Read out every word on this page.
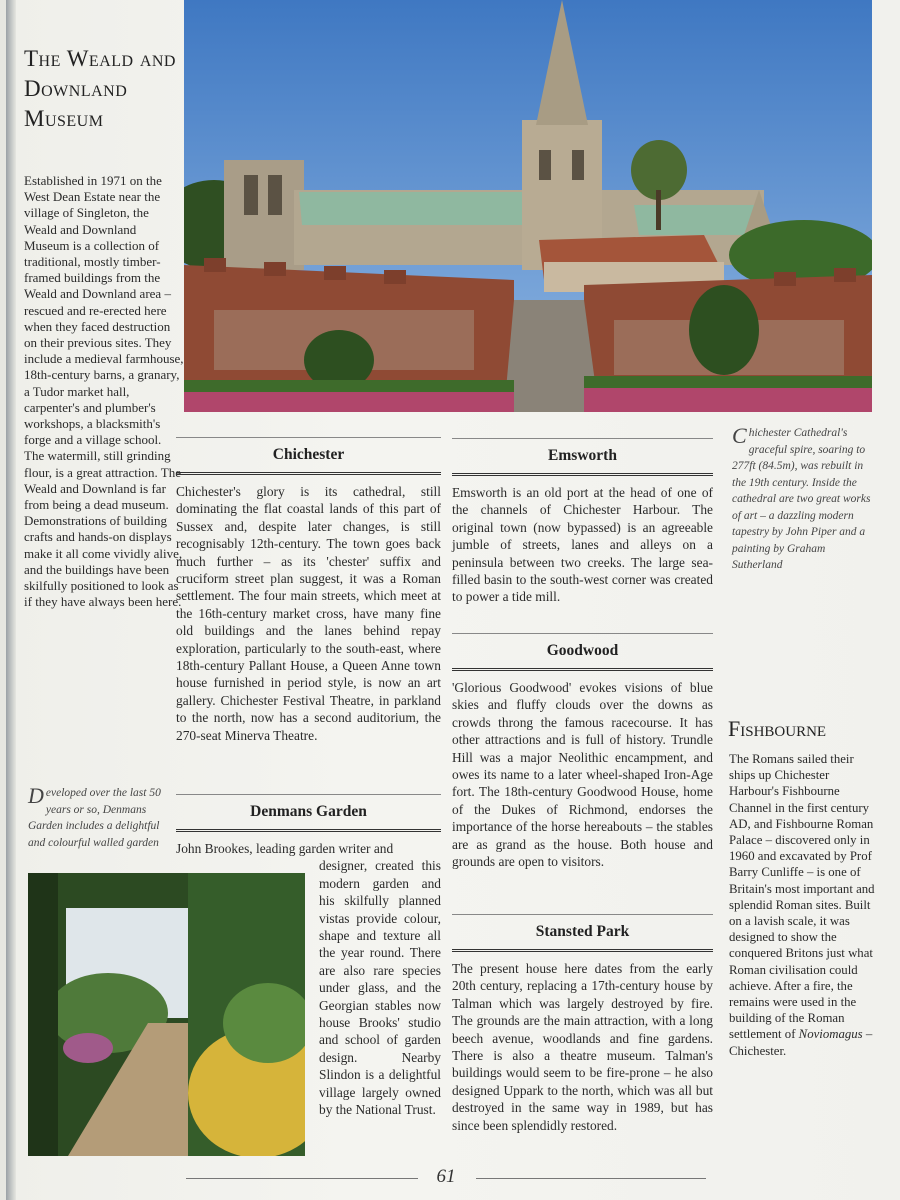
The Weald and Downland Museum

Established in 1971 on the West Dean Estate near the village of Singleton, the Weald and Downland Museum is a collection of traditional, mostly timber-framed buildings from the Weald and Downland area – rescued and re-erected here when they faced destruction on their previous sites. They include a medieval farmhouse, 18th-century barns, a granary, a Tudor market hall, carpenter's and plumber's workshops, a blacksmith's forge and a village school. The watermill, still grinding flour, is a great attraction. The Weald and Downland is far from being a dead museum. Demonstrations of building crafts and hands-on displays make it all come vividly alive, and the buildings have been skilfully positioned to look as if they have always been here.

Chichester Cathedral's graceful spire, soaring to 277ft (84.5m), was rebuilt in the 19th century. Inside the cathedral are two great works of art – a dazzling modern tapestry by John Piper and a painting by Graham Sutherland
Chichester

Chichester's glory is its cathedral, still dominating the flat coastal lands of this part of Sussex and, despite later changes, is still recognisably 12th-century. The town goes back much further – as its 'chester' suffix and cruciform street plan suggest, it was a Roman settlement. The four main streets, which meet at the 16th-century market cross, have many fine old buildings and the lanes behind repay exploration, particularly to the south-east, where 18th-century Pallant House, a Queen Anne town house furnished in period style, is now an art gallery. Chichester Festival Theatre, in parkland to the north, now has a second auditorium, the 270-seat Minerva Theatre.

Denmans Garden

John Brookes, leading garden writer and

designer, created this modern garden and his skilfully planned vistas provide colour, shape and texture all the year round. There are also rare species under glass, and the Georgian stables now house Brooks' studio and school of garden design. Nearby Slindon is a delightful village largely owned by the National Trust.

Developed over the last 50 years or so, Denmans Garden includes a delightful and colourful walled garden
Emsworth

Emsworth is an old port at the head of one of the channels of Chichester Harbour. The original town (now bypassed) is an agreeable jumble of streets, lanes and alleys on a peninsula between two creeks. The large sea-filled basin to the south-west corner was created to power a tide mill.

Goodwood

'Glorious Goodwood' evokes visions of blue skies and fluffy clouds over the downs as crowds throng the famous racecourse. It has other attractions and is full of history. Trundle Hill was a major Neolithic encampment, and owes its name to a later wheel-shaped Iron-Age fort. The 18th-century Goodwood House, home of the Dukes of Richmond, endorses the importance of the horse hereabouts – the stables are as grand as the house. Both house and grounds are open to visitors.

Stansted Park

The present house here dates from the early 20th century, replacing a 17th-century house by Talman which was largely destroyed by fire. The grounds are the main attraction, with a long beech avenue, woodlands and fine gardens. There is also a theatre museum. Talman's buildings would seem to be fire-prone – he also designed Uppark to the north, which was all but destroyed in the same way in 1989, but has since been splendidly restored.

Fishbourne

The Romans sailed their ships up Chichester Harbour's Fishbourne Channel in the first century AD, and Fishbourne Roman Palace – discovered only in 1960 and excavated by Prof Barry Cunliffe – is one of Britain's most important and splendid Roman sites. Built on a lavish scale, it was designed to show the conquered Britons just what Roman civilisation could achieve. After a fire, the remains were used in the building of the Roman settlement of Noviomagus – Chichester.

61
